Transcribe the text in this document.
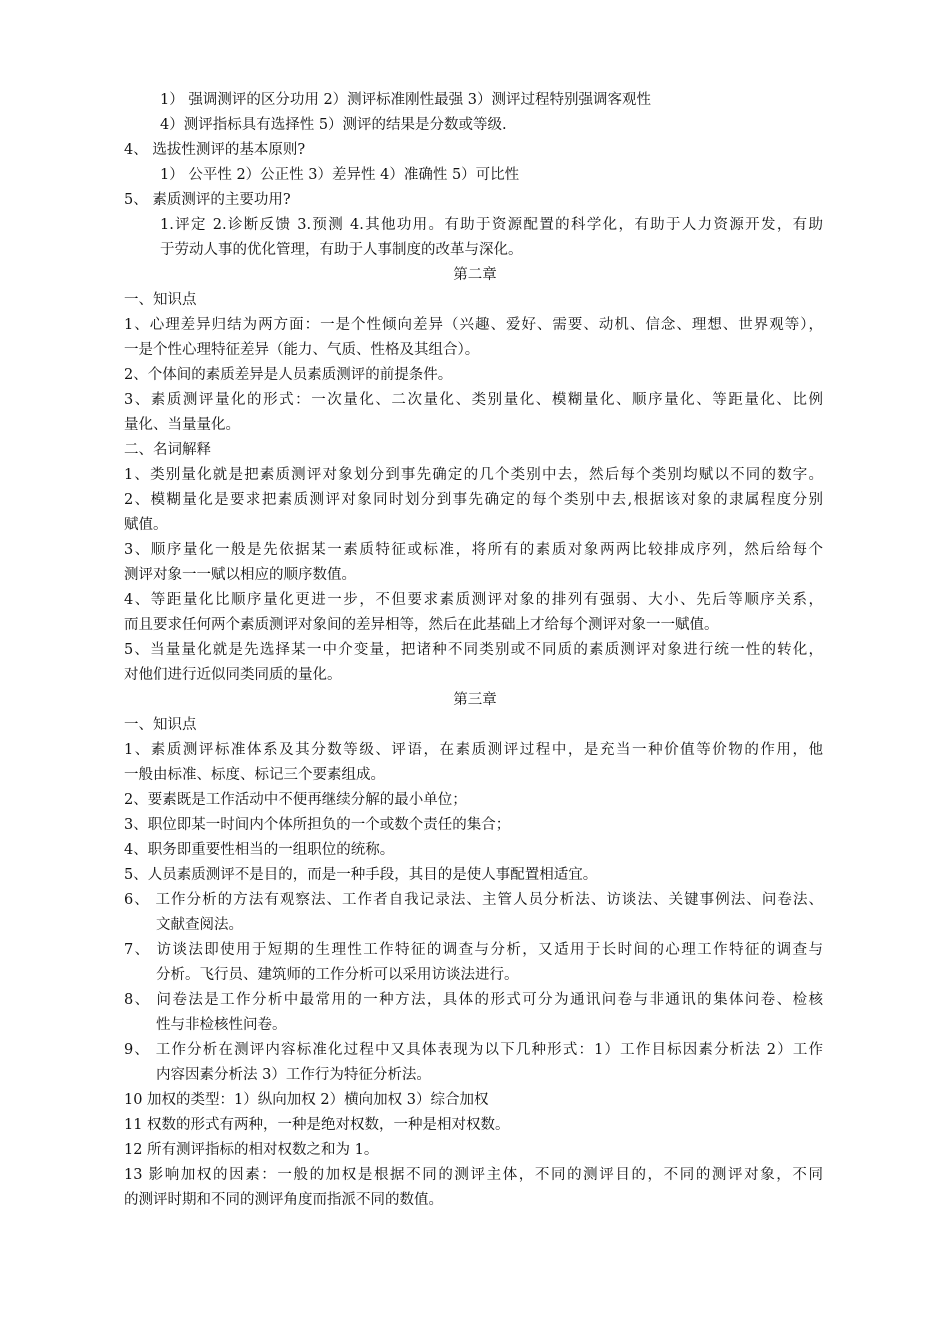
1） 强调测评的区分功用 2）测评标准刚性最强 3）测评过程特别强调客观性
4）测评指标具有选择性 5）测评的结果是分数或等级.
4、 选拔性测评的基本原则?
1） 公平性 2）公正性 3）差异性 4）准确性 5）可比性
5、 素质测评的主要功用?
1.评定 2.诊断反馈 3.预测 4.其他功用。有助于资源配置的科学化，有助于人力资源开发，有助
于劳动人事的优化管理，有助于人事制度的改革与深化。
第二章
一、知识点
1、心理差异归结为两方面：一是个性倾向差异（兴趣、爱好、需要、动机、信念、理想、世界观等），
一是个性心理特征差异（能力、气质、性格及其组合）。
2、个体间的素质差异是人员素质测评的前提条件。
3、素质测评量化的形式：一次量化、二次量化、类别量化、模糊量化、顺序量化、等距量化、比例
量化、当量量化。
二、名词解释
1、类别量化就是把素质测评对象划分到事先确定的几个类别中去，然后每个类别均赋以不同的数字。
2、模糊量化是要求把素质测评对象同时划分到事先确定的每个类别中去,根据该对象的隶属程度分别
赋值。
3、顺序量化一般是先依据某一素质特征或标准，将所有的素质对象两两比较排成序列，然后给每个
测评对象一一赋以相应的顺序数值。
4、等距量化比顺序量化更进一步，不但要求素质测评对象的排列有强弱、大小、先后等顺序关系，
而且要求任何两个素质测评对象间的差异相等，然后在此基础上才给每个测评对象一一赋值。
5、当量量化就是先选择某一中介变量，把诸种不同类别或不同质的素质测评对象进行统一性的转化，
对他们进行近似同类同质的量化。
第三章
一、知识点
1、素质测评标准体系及其分数等级、评语，在素质测评过程中，是充当一种价值等价物的作用，他
一般由标准、标度、标记三个要素组成。
2、要素既是工作活动中不便再继续分解的最小单位；
3、职位即某一时间内个体所担负的一个或数个责任的集合；
4、职务即重要性相当的一组职位的统称。
5、人员素质测评不是目的，而是一种手段，其目的是使人事配置相适宜。
6、 工作分析的方法有观察法、工作者自我记录法、主管人员分析法、访谈法、关键事例法、问卷法、
文献查阅法。
7、 访谈法即使用于短期的生理性工作特征的调查与分析，又适用于长时间的心理工作特征的调查与
分析。飞行员、建筑师的工作分析可以采用访谈法进行。
8、 问卷法是工作分析中最常用的一种方法，具体的形式可分为通讯问卷与非通讯的集体问卷、检核
性与非检核性问卷。
9、 工作分析在测评内容标准化过程中又具体表现为以下几种形式：1）工作目标因素分析法 2）工作
内容因素分析法 3）工作行为特征分析法。
10 加权的类型：1）纵向加权 2）横向加权 3）综合加权
11 权数的形式有两种，一种是绝对权数，一种是相对权数。
12 所有测评指标的相对权数之和为 1。
13 影响加权的因素：一般的加权是根据不同的测评主体，不同的测评目的，不同的测评对象，不同
的测评时期和不同的测评角度而指派不同的数值。
